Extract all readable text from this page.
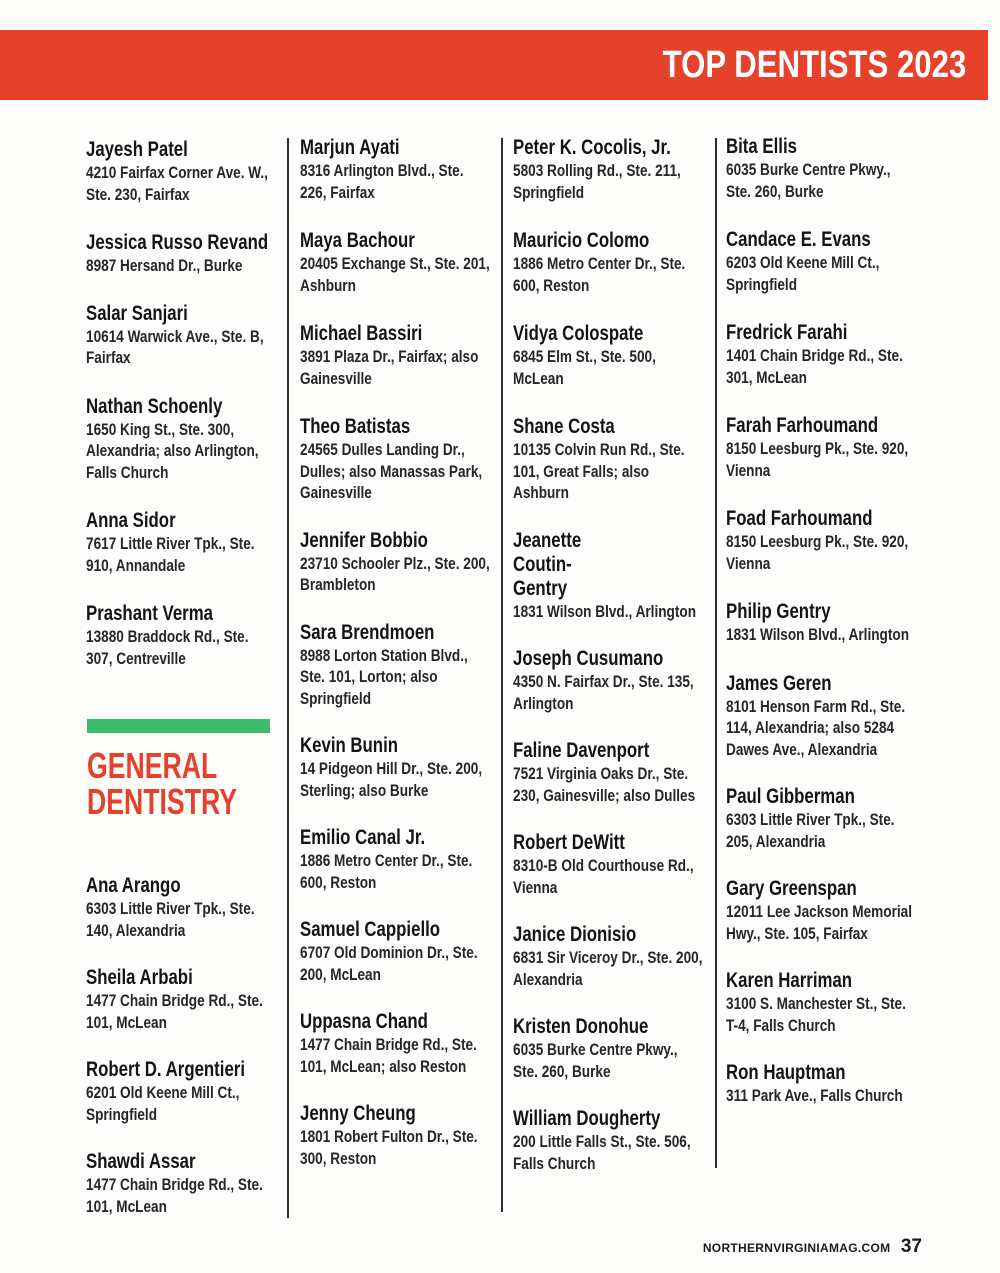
TOP DENTISTS 2023
Jayesh Patel
4210 Fairfax Corner Ave. W., Ste. 230, Fairfax
Jessica Russo Revand
8987 Hersand Dr., Burke
Salar Sanjari
10614 Warwick Ave., Ste. B, Fairfax
Nathan Schoenly
1650 King St., Ste. 300, Alexandria; also Arlington, Falls Church
Anna Sidor
7617 Little River Tpk., Ste. 910, Annandale
Prashant Verma
13880 Braddock Rd., Ste. 307, Centreville
GENERAL DENTISTRY
Ana Arango
6303 Little River Tpk., Ste. 140, Alexandria
Sheila Arbabi
1477 Chain Bridge Rd., Ste. 101, McLean
Robert D. Argentieri
6201 Old Keene Mill Ct., Springfield
Shawdi Assar
1477 Chain Bridge Rd., Ste. 101, McLean
Marjun Ayati
8316 Arlington Blvd., Ste. 226, Fairfax
Maya Bachour
20405 Exchange St., Ste. 201, Ashburn
Michael Bassiri
3891 Plaza Dr., Fairfax; also Gainesville
Theo Batistas
24565 Dulles Landing Dr., Dulles; also Manassas Park, Gainesville
Jennifer Bobbio
23710 Schooler Plz., Ste. 200, Brambleton
Sara Brendmoen
8988 Lorton Station Blvd., Ste. 101, Lorton; also Springfield
Kevin Bunin
14 Pidgeon Hill Dr., Ste. 200, Sterling; also Burke
Emilio Canal Jr.
1886 Metro Center Dr., Ste. 600, Reston
Samuel Cappiello
6707 Old Dominion Dr., Ste. 200, McLean
Uppasna Chand
1477 Chain Bridge Rd., Ste. 101, McLean; also Reston
Jenny Cheung
1801 Robert Fulton Dr., Ste. 300, Reston
Peter K. Cocolis, Jr.
5803 Rolling Rd., Ste. 211, Springfield
Mauricio Colomo
1886 Metro Center Dr., Ste. 600, Reston
Vidya Colospate
6845 Elm St., Ste. 500, McLean
Shane Costa
10135 Colvin Run Rd., Ste. 101, Great Falls; also Ashburn
Jeanette Coutin-Gentry
1831 Wilson Blvd., Arlington
Joseph Cusumano
4350 N. Fairfax Dr., Ste. 135, Arlington
Faline Davenport
7521 Virginia Oaks Dr., Ste. 230, Gainesville; also Dulles
Robert DeWitt
8310-B Old Courthouse Rd., Vienna
Janice Dionisio
6831 Sir Viceroy Dr., Ste. 200, Alexandria
Kristen Donohue
6035 Burke Centre Pkwy., Ste. 260, Burke
William Dougherty
200 Little Falls St., Ste. 506, Falls Church
Bita Ellis
6035 Burke Centre Pkwy., Ste. 260, Burke
Candace E. Evans
6203 Old Keene Mill Ct., Springfield
Fredrick Farahi
1401 Chain Bridge Rd., Ste. 301, McLean
Farah Farhoumand
8150 Leesburg Pk., Ste. 920, Vienna
Foad Farhoumand
8150 Leesburg Pk., Ste. 920, Vienna
Philip Gentry
1831 Wilson Blvd., Arlington
James Geren
8101 Henson Farm Rd., Ste. 114, Alexandria; also 5284 Dawes Ave., Alexandria
Paul Gibberman
6303 Little River Tpk., Ste. 205, Alexandria
Gary Greenspan
12011 Lee Jackson Memorial Hwy., Ste. 105, Fairfax
Karen Harriman
3100 S. Manchester St., Ste. T-4, Falls Church
Ron Hauptman
311 Park Ave., Falls Church
NORTHERNVIRGINIAMAG.COM 37
